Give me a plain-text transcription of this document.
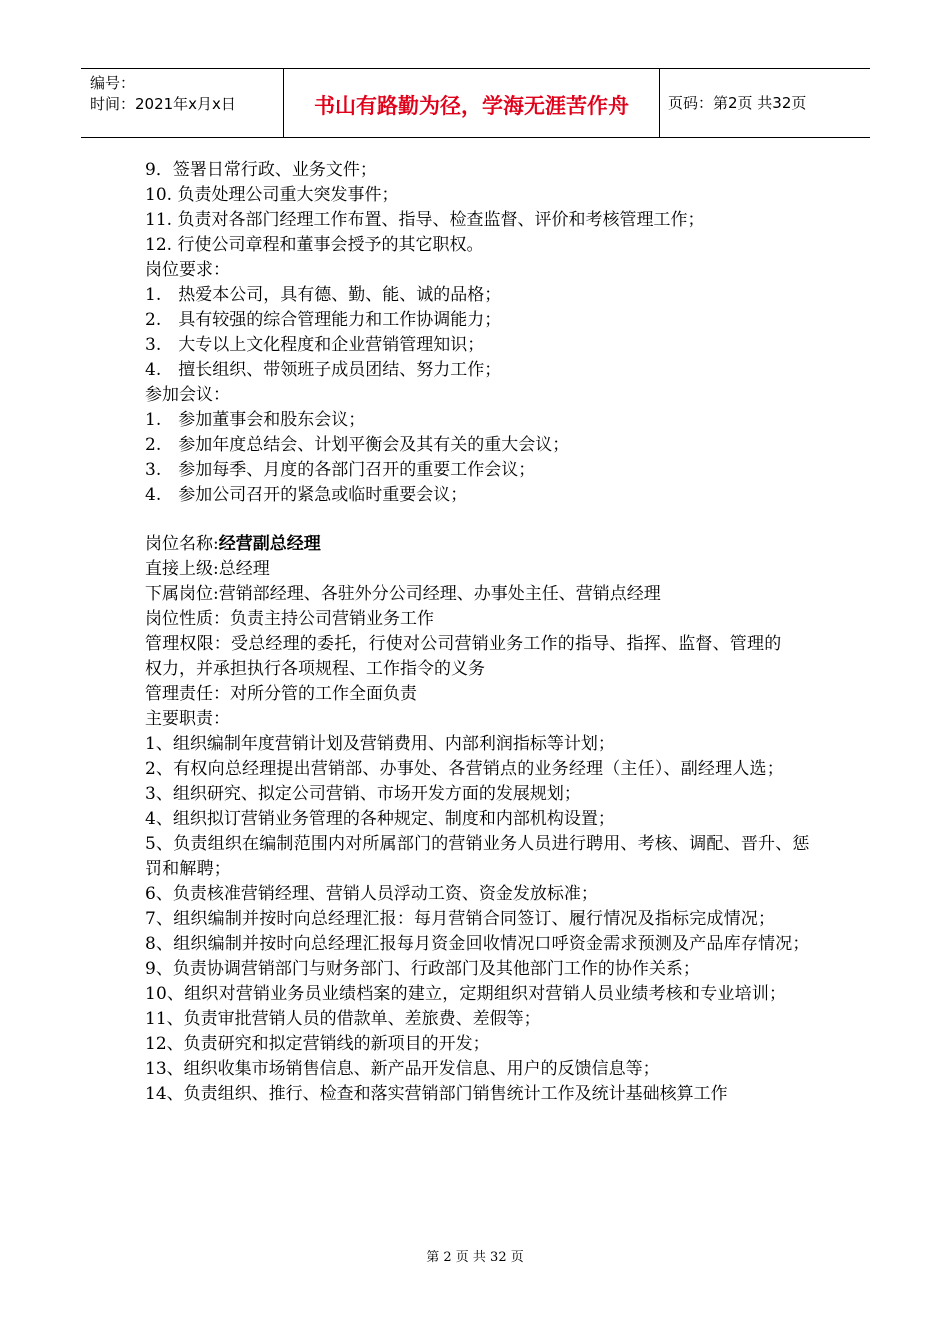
编号：
时间：2021年x月x日	书山有路勤为径，学海无涯苦作舟	页码：第2页 共32页
9．签署日常行政、业务文件；
10. 负责处理公司重大突发事件；
11. 负责对各部门经理工作布置、指导、检查监督、评价和考核管理工作；
12. 行使公司章程和董事会授予的其它职权。
岗位要求：
1.　热爱本公司，具有德、勤、能、诚的品格；
2.　具有较强的综合管理能力和工作协调能力；
3.　大专以上文化程度和企业营销管理知识；
4.　擅长组织、带领班子成员团结、努力工作；
参加会议：
1.　参加董事会和股东会议；
2.　参加年度总结会、计划平衡会及其有关的重大会议；
3.　参加每季、月度的各部门召开的重要工作会议；
4.　参加公司召开的紧急或临时重要会议；
岗位名称:经营副总经理
直接上级:总经理
下属岗位:营销部经理、各驻外分公司经理、办事处主任、营销点经理
岗位性质：负责主持公司营销业务工作
管理权限：受总经理的委托，行使对公司营销业务工作的指导、指挥、监督、管理的
权力，并承担执行各项规程、工作指令的义务
管理责任：对所分管的工作全面负责
主要职责：
1、组织编制年度营销计划及营销费用、内部利润指标等计划；
2、有权向总经理提出营销部、办事处、各营销点的业务经理（主任）、副经理人选；
3、组织研究、拟定公司营销、市场开发方面的发展规划；
4、组织拟订营销业务管理的各种规定、制度和内部机构设置；
5、负责组织在编制范围内对所属部门的营销业务人员进行聘用、考核、调配、晋升、惩罚和解聘；
6、负责核准营销经理、营销人员浮动工资、资金发放标准；
7、组织编制并按时向总经理汇报：每月营销合同签订、履行情况及指标完成情况；
8、组织编制并按时向总经理汇报每月资金回收情况口呼资金需求预测及产品库存情况；
9、负责协调营销部门与财务部门、行政部门及其他部门工作的协作关系；
10、组织对营销业务员业绩档案的建立，定期组织对营销人员业绩考核和专业培训；
11、负责审批营销人员的借款单、差旅费、差假等；
12、负责研究和拟定营销线的新项目的开发；
13、组织收集市场销售信息、新产品开发信息、用户的反馈信息等；
14、负责组织、推行、检查和落实营销部门销售统计工作及统计基础核算工作
第 2 页 共 32 页
